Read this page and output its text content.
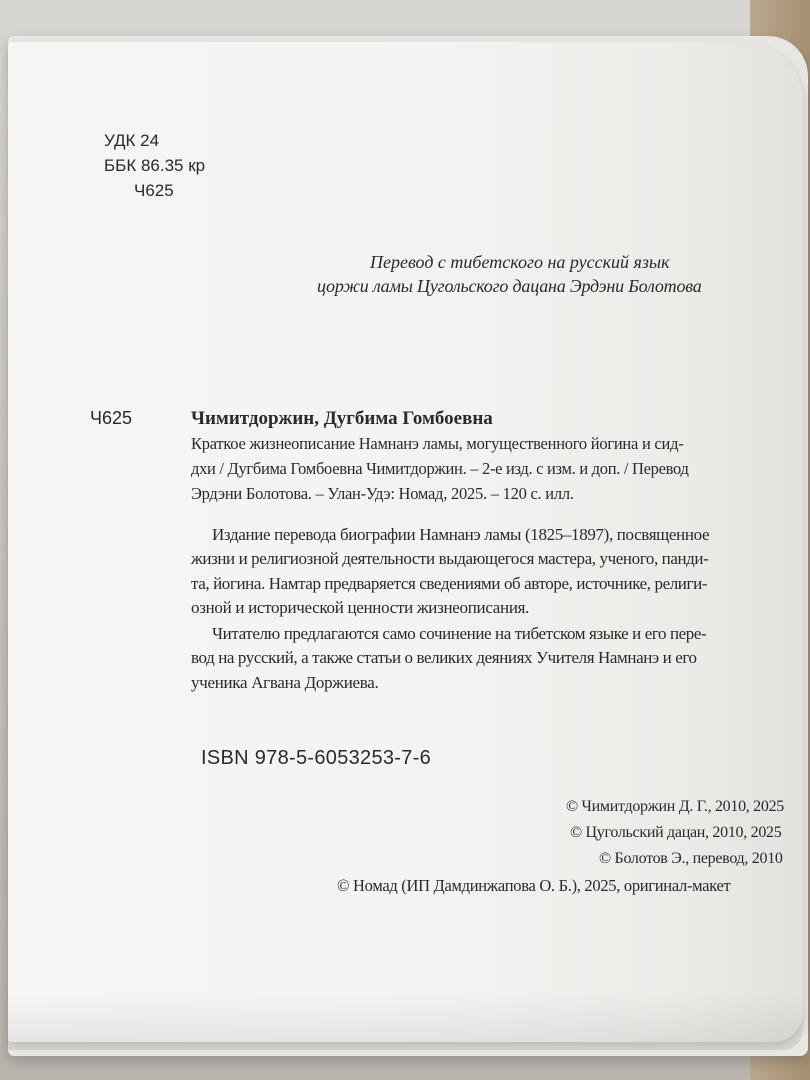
УДК 24
ББК 86.35 кр
Ч625
Перевод с тибетского на русский язык
цоржи ламы Цугольского дацана Эрдэни Болотова
Ч625	Чимитдоржин, Дугбима Гомбоевна
Краткое жизнеописание Намнанэ ламы, могущественного йогина и сид-
дхи / Дугбима Гомбоевна Чимитдоржин. – 2-е изд. с изм. и доп. / Перевод
Эрдэни Болотова. – Улан-Удэ: Номад, 2025. – 120 с. илл.
Издание перевода биографии Намнанэ ламы (1825–1897), посвященное
жизни и религиозной деятельности выдающегося мастера, ученого, панди-
та, йогина. Намтар предваряется сведениями об авторе, источнике, религи-
озной и исторической ценности жизнеописания.
Читателю предлагаются само сочинение на тибетском языке и его пере-
вод на русский, а также статьи о великих деяниях Учителя Намнанэ и его
ученика Агвана Доржиева.
ISBN 978-5-6053253-7-6
© Чимитдоржин Д. Г., 2010, 2025
© Цугольский дацан, 2010, 2025
© Болотов Э., перевод, 2010
© Номад (ИП Дамдинжапова О. Б.), 2025, оригинал-макет
